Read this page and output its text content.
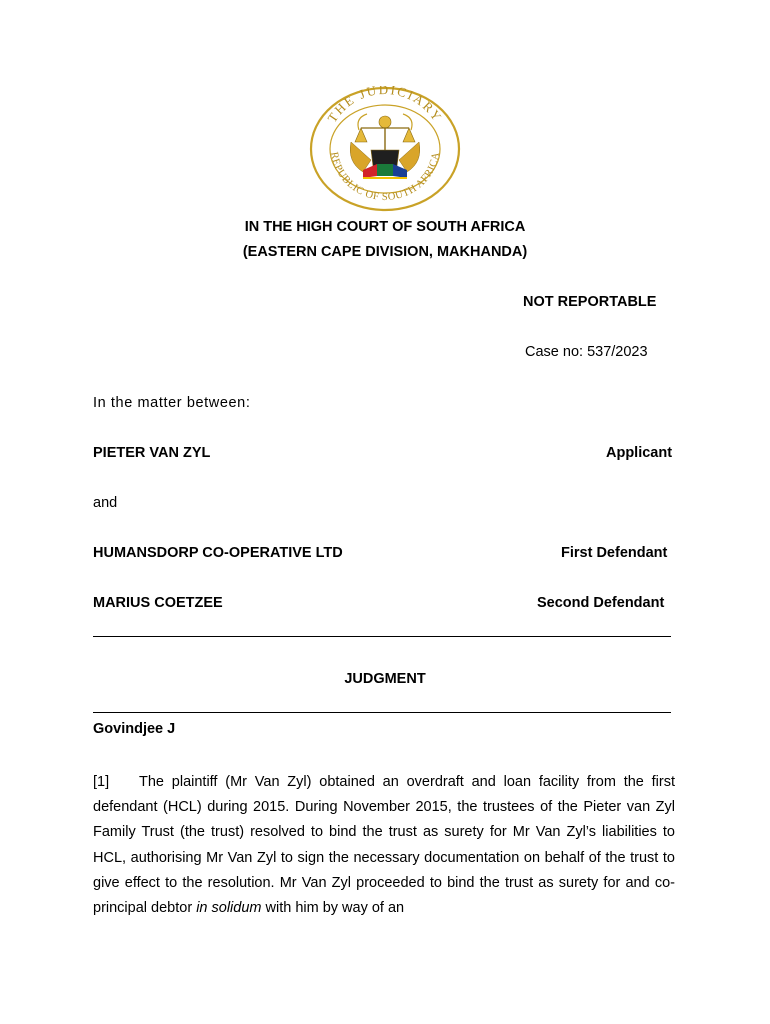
THE JUDICIARY
REPUBLIC OF SOUTH AFRICA
IN THE HIGH COURT OF SOUTH AFRICA
(EASTERN CAPE DIVISION, MAKHANDA)
NOT REPORTABLE
Case no: 537/2023
In the matter between:
PIETER VAN ZYL	Applicant
and
HUMANSDORP CO-OPERATIVE LTD	First Defendant
MARIUS COETZEE	Second Defendant
JUDGMENT
Govindjee J
[1] The plaintiff (Mr Van Zyl) obtained an overdraft and loan facility from the first defendant (HCL) during 2015. During November 2015, the trustees of the Pieter van Zyl Family Trust (the trust) resolved to bind the trust as surety for Mr Van Zyl’s liabilities to HCL, authorising Mr Van Zyl to sign the necessary documentation on behalf of the trust to give effect to the resolution. Mr Van Zyl proceeded to bind the trust as surety for and co-principal debtor in solidum with him by way of an
